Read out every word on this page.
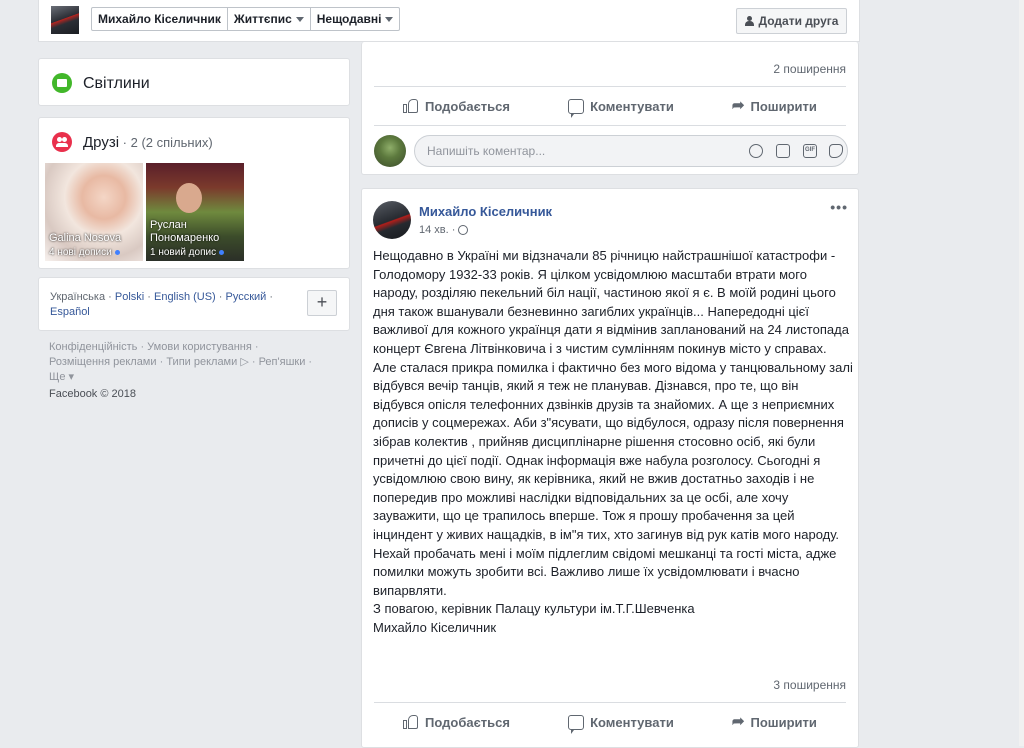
Михайло Кіселичник	Життєпис Нещодавні	Додати друга
Світлини
Друзі · 2 (2 спільних)
Galina Nosova
4 нові дописи
Руслан Пономаренко
1 новий допис
Українська · Polski · English (US) · Русский ·
Español	+
Конфіденційність · Умови користування ·
Розміщення реклами · Типи реклами ▷ · Реп'яшки ·
Ще ▾
Facebook © 2018
2 поширення
Подобається	Коментувати	➦ Поширити
Напишіть коментар...	GIF
Михайло Кіселичник
14 хв. ·
•••
Нещодавно в Україні ми відзначали 85 річницю найстрашнішої катастрофи - Голодомору 1932-33 років. Я цілком усвідомлюю масштаби втрати мого народу, розділяю пекельний біл нації, частиною якої я є. В моїй родині цього дня також вшанували безневинно загиблих українців... Напередодні цієї важливої для кожного українця дати я відмінив запланований на 24 листопада концерт Євгена Літвінковича і з чистим сумлінням покинув місто у справах. Але сталася прикра помилка і фактично без мого відома у танцювальному залі відбувся вечір танців, який я теж не планував. Дізнався, про те, що він відбувся опісля телефонних дзвінків друзів та знайомих. А ще з неприємних дописів у соцмережах. Аби з"ясувати, що відбулося, одразу після повернення зібрав колектив , прийняв дисциплінарне рішення стосовно осіб, які були причетні до цієї події. Однак інформація вже набула розголосу. Сьогодні я усвідомлюю свою вину, як керівника, який не вжив достатньо заходів і не попередив про можливі наслідки відповідальних за це осбі, але хочу зауважити, що це трапилось вперше. Тож я прошу пробачення за цей інциндент у живих нащадків, в ім"я тих, хто загинув від рук катів мого народу. Нехай пробачать мені і моїм підлеглим свідомі мешканці та гості міста, адже помилки можуть зробити всі. Важливо лише їх усвідомлювати і вчасно випарвляти.
З повагою, керівник Палацу культури ім.Т.Г.Шевченка
Михайло Кіселичник
3 поширення
Подобається	Коментувати	➦ Поширити
